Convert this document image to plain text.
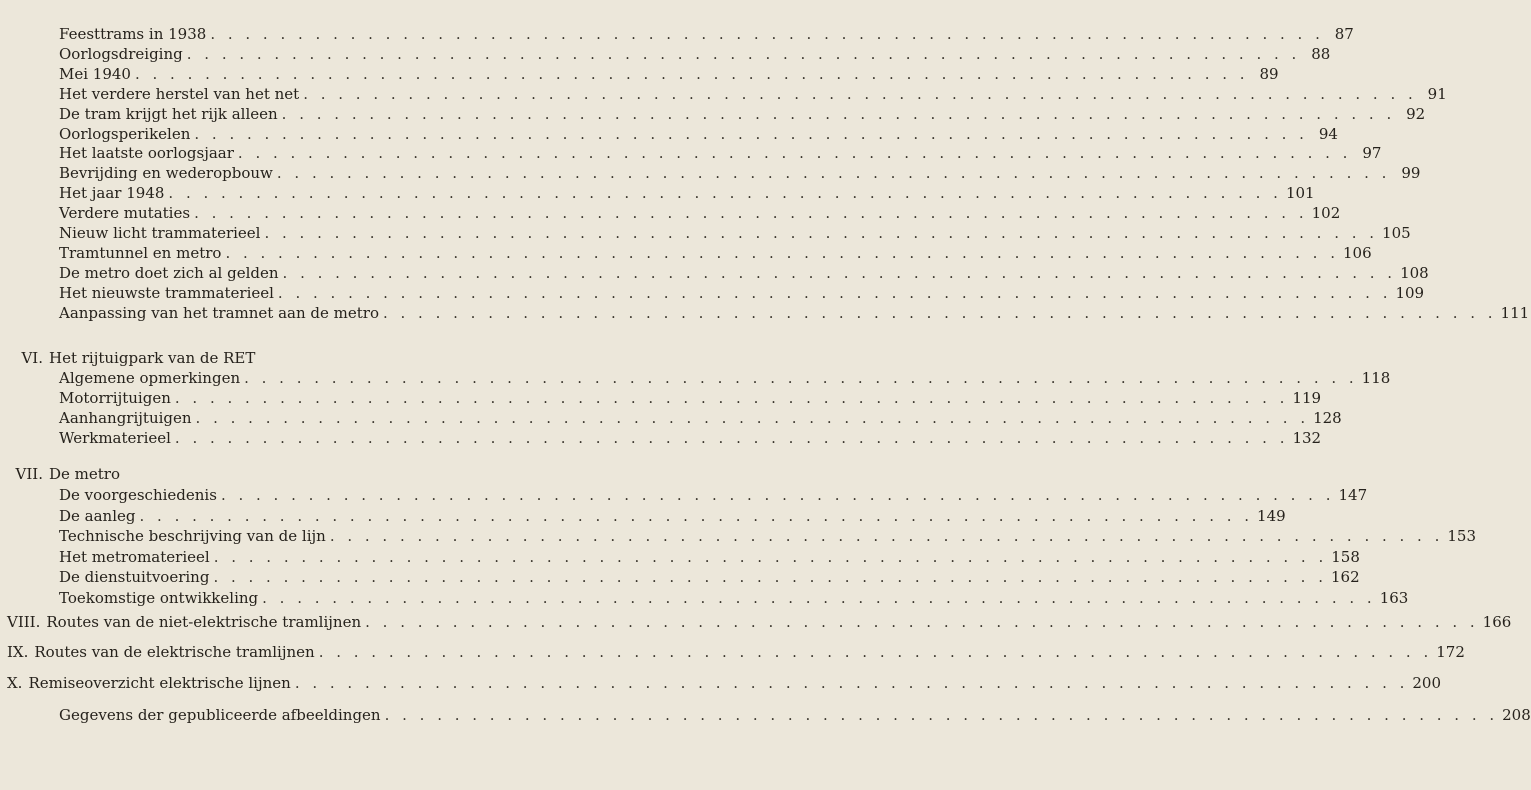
Feesttrams in 1938 . . . . . . . . . . . . . . . . . . . . . . . . . . . . . . . . . . . . . . . . . . . . . . . . . . . . . . . . . . . . . . . . 87
Oorlogsdreiging . . . . . . . . . . . . . . . . . . . . . . . . . . . . . . . . . . . . . . . . . . . . . . . . . . . . . . . . . . . . . . . . 88
Mei 1940 . . . . . . . . . . . . . . . . . . . . . . . . . . . . . . . . . . . . . . . . . . . . . . . . . . . . . . . . . . . . . . . . 89
Het verdere herstel van het net . . . . . . . . . . . . . . . . . . . . . . . . . . . . . . . . . . . . . . . . . . . . . . . . . . . . . . . . . . . . . . . . 91
De tram krijgt het rijk alleen . . . . . . . . . . . . . . . . . . . . . . . . . . . . . . . . . . . . . . . . . . . . . . . . . . . . . . . . . . . . . . . . 92
Oorlogsperikelen . . . . . . . . . . . . . . . . . . . . . . . . . . . . . . . . . . . . . . . . . . . . . . . . . . . . . . . . . . . . . . . . 94
Het laatste oorlogsjaar . . . . . . . . . . . . . . . . . . . . . . . . . . . . . . . . . . . . . . . . . . . . . . . . . . . . . . . . . . . . . . . . 97
Bevrijding en wederopbouw . . . . . . . . . . . . . . . . . . . . . . . . . . . . . . . . . . . . . . . . . . . . . . . . . . . . . . . . . . . . . . . . 99
Het jaar 1948 . . . . . . . . . . . . . . . . . . . . . . . . . . . . . . . . . . . . . . . . . . . . . . . . . . . . . . . . . . . . . . . . 101
Verdere mutaties . . . . . . . . . . . . . . . . . . . . . . . . . . . . . . . . . . . . . . . . . . . . . . . . . . . . . . . . . . . . . . . . 102
Nieuw licht trammaterieel . . . . . . . . . . . . . . . . . . . . . . . . . . . . . . . . . . . . . . . . . . . . . . . . . . . . . . . . . . . . . . . . 105
Tramtunnel en metro . . . . . . . . . . . . . . . . . . . . . . . . . . . . . . . . . . . . . . . . . . . . . . . . . . . . . . . . . . . . . . . . 106
De metro doet zich al gelden . . . . . . . . . . . . . . . . . . . . . . . . . . . . . . . . . . . . . . . . . . . . . . . . . . . . . . . . . . . . . . . . 108
Het nieuwste trammaterieel . . . . . . . . . . . . . . . . . . . . . . . . . . . . . . . . . . . . . . . . . . . . . . . . . . . . . . . . . . . . . . . . 109
Aanpassing van het tramnet aan de metro . . . . . . . . . . . . . . . . . . . . . . . . . . . . . . . . . . . . . . . . . . . . . . . . . . . . . . . . . . . . . . . . 111
VI. Het rijtuigpark van de RET
Algemene opmerkingen . . . . . . . . . . . . . . . . . . . . . . . . . . . . . . . . . . . . . . . . . . . . . . . . . . . . . . . . . . . . . . . . 118
Motorrijtuigen . . . . . . . . . . . . . . . . . . . . . . . . . . . . . . . . . . . . . . . . . . . . . . . . . . . . . . . . . . . . . . . . 119
Aanhangrijtuigen . . . . . . . . . . . . . . . . . . . . . . . . . . . . . . . . . . . . . . . . . . . . . . . . . . . . . . . . . . . . . . . . 128
Werkmaterieel . . . . . . . . . . . . . . . . . . . . . . . . . . . . . . . . . . . . . . . . . . . . . . . . . . . . . . . . . . . . . . . . 132
VII. De metro
De voorgeschiedenis . . . . . . . . . . . . . . . . . . . . . . . . . . . . . . . . . . . . . . . . . . . . . . . . . . . . . . . . . . . . . . . . 147
De aanleg . . . . . . . . . . . . . . . . . . . . . . . . . . . . . . . . . . . . . . . . . . . . . . . . . . . . . . . . . . . . . . . . 149
Technische beschrijving van de lijn . . . . . . . . . . . . . . . . . . . . . . . . . . . . . . . . . . . . . . . . . . . . . . . . . . . . . . . . . . . . . . . . 153
Het metromaterieel . . . . . . . . . . . . . . . . . . . . . . . . . . . . . . . . . . . . . . . . . . . . . . . . . . . . . . . . . . . . . . . . 158
De dienstuitvoering . . . . . . . . . . . . . . . . . . . . . . . . . . . . . . . . . . . . . . . . . . . . . . . . . . . . . . . . . . . . . . . . 162
Toekomstige ontwikkeling . . . . . . . . . . . . . . . . . . . . . . . . . . . . . . . . . . . . . . . . . . . . . . . . . . . . . . . . . . . . . . . . 163
VIII. Routes van de niet-elektrische tramlijnen . . . . . . . . . . . . . . . . . . . . . . . . . . . . . . . . . . . . . . . . . . . . . . . . . . . . . . . . . . . . . . . . 166
IX. Routes van de elektrische tramlijnen . . . . . . . . . . . . . . . . . . . . . . . . . . . . . . . . . . . . . . . . . . . . . . . . . . . . . . . . . . . . . . . . 172
X. Remiseoverzicht elektrische lijnen . . . . . . . . . . . . . . . . . . . . . . . . . . . . . . . . . . . . . . . . . . . . . . . . . . . . . . . . . . . . . . . . 200
Gegevens der gepubliceerde afbeeldingen . . . . . . . . . . . . . . . . . . . . . . . . . . . . . . . . . . . . . . . . . . . . . . . . . . . . . . . . . . . . . . . . 208
